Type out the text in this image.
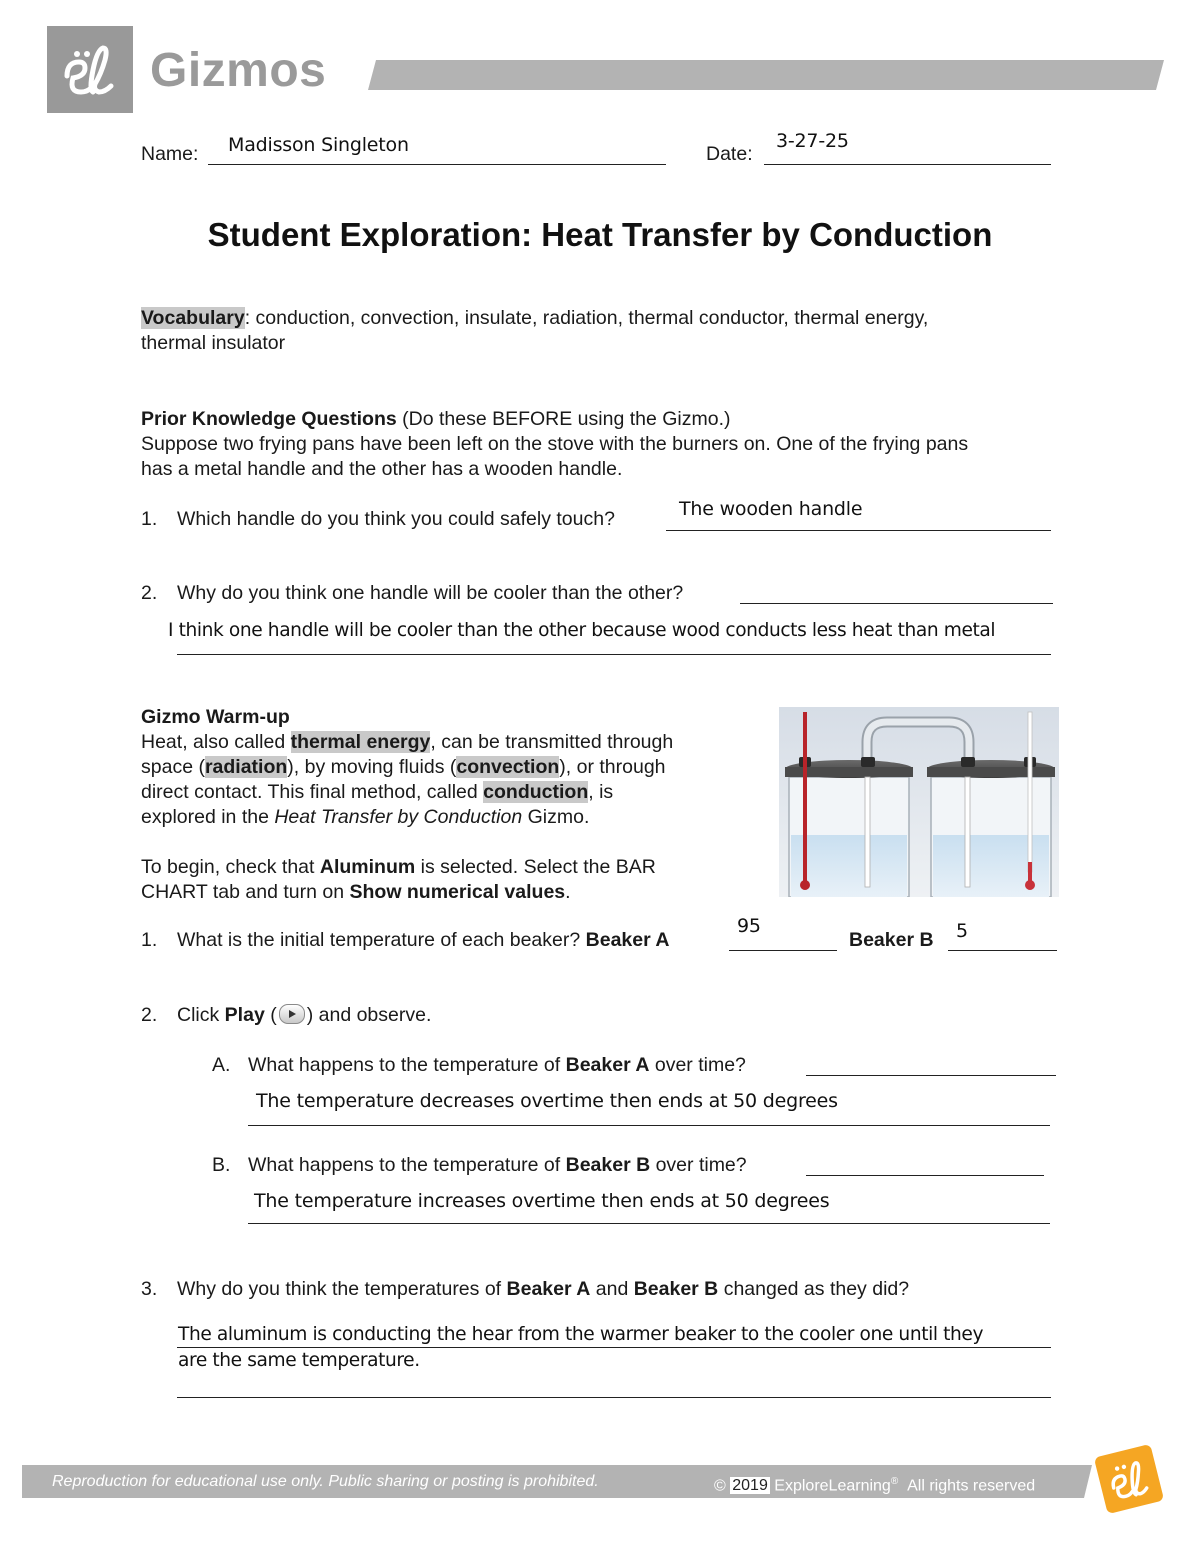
Gizmos
Name: Madisson Singleton	Date:
3-27-25
Student Exploration: Heat Transfer by Conduction
Vocabulary: conduction, convection, insulate, radiation, thermal conductor, thermal energy,
thermal insulator
Prior Knowledge Questions (Do these BEFORE using the Gizmo.)
Suppose two frying pans have been left on the stove with the burners on. One of the frying pans
has a metal handle and the other has a wooden handle.
1. Which handle do you think you could safely touch?	The wooden handle
2. Why do you think one handle will be cooler than the other?
I think one handle will be cooler than the other because wood conducts less heat than metal
Gizmo Warm-up
Heat, also called thermal energy, can be transmitted through
space (radiation), by moving fluids (convection), or through
direct contact. This final method, called conduction, is
explored in the Heat Transfer by Conduction Gizmo.
To begin, check that Aluminum is selected. Select the BAR
CHART tab and turn on Show numerical values.
1. What is the initial temperature of each beaker? Beaker A
95
Beaker B 5
2. Click Play ( ) and observe.
A. What happens to the temperature of Beaker A over time?
The temperature decreases overtime then ends at 50 degrees
B. What happens to the temperature of Beaker B over time?
The temperature increases overtime then ends at 50 degrees
3. Why do you think the temperatures of Beaker A and Beaker B changed as they did?
The aluminum is conducting the hear from the warmer beaker to the cooler one until they
are the same temperature.
Reproduction for educational use only. Public sharing or posting is prohibited.	© 2019 ExploreLearning® All rights reserved
